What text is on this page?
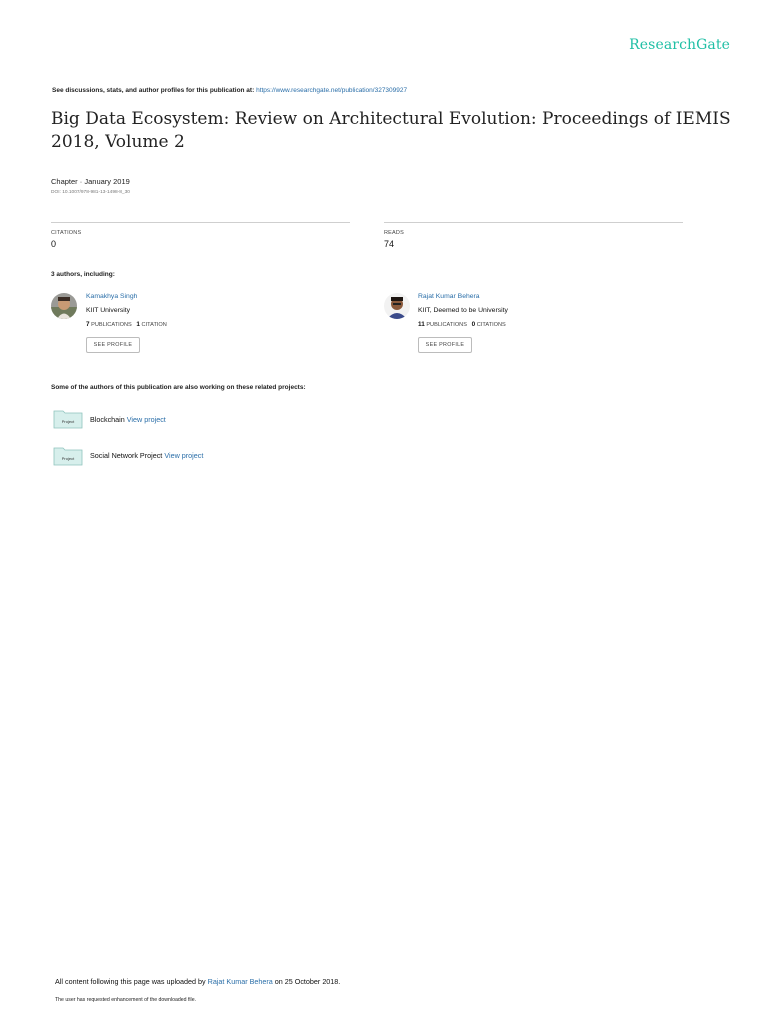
ResearchGate
See discussions, stats, and author profiles for this publication at: https://www.researchgate.net/publication/327309927
Big Data Ecosystem: Review on Architectural Evolution: Proceedings of IEMIS 2018, Volume 2
Chapter · January 2019
DOI: 10.1007/978-981-13-1498-8_30
CITATIONS
0
READS
74
3 authors, including:
Kamakhya Singh
KIIT University
7 PUBLICATIONS 1 CITATION
SEE PROFILE
Rajat Kumar Behera
KIIT, Deemed to be University
11 PUBLICATIONS 0 CITATIONS
SEE PROFILE
Some of the authors of this publication are also working on these related projects:
Project Blockchain View project
Project Social Network Project View project
All content following this page was uploaded by Rajat Kumar Behera on 25 October 2018.
The user has requested enhancement of the downloaded file.
